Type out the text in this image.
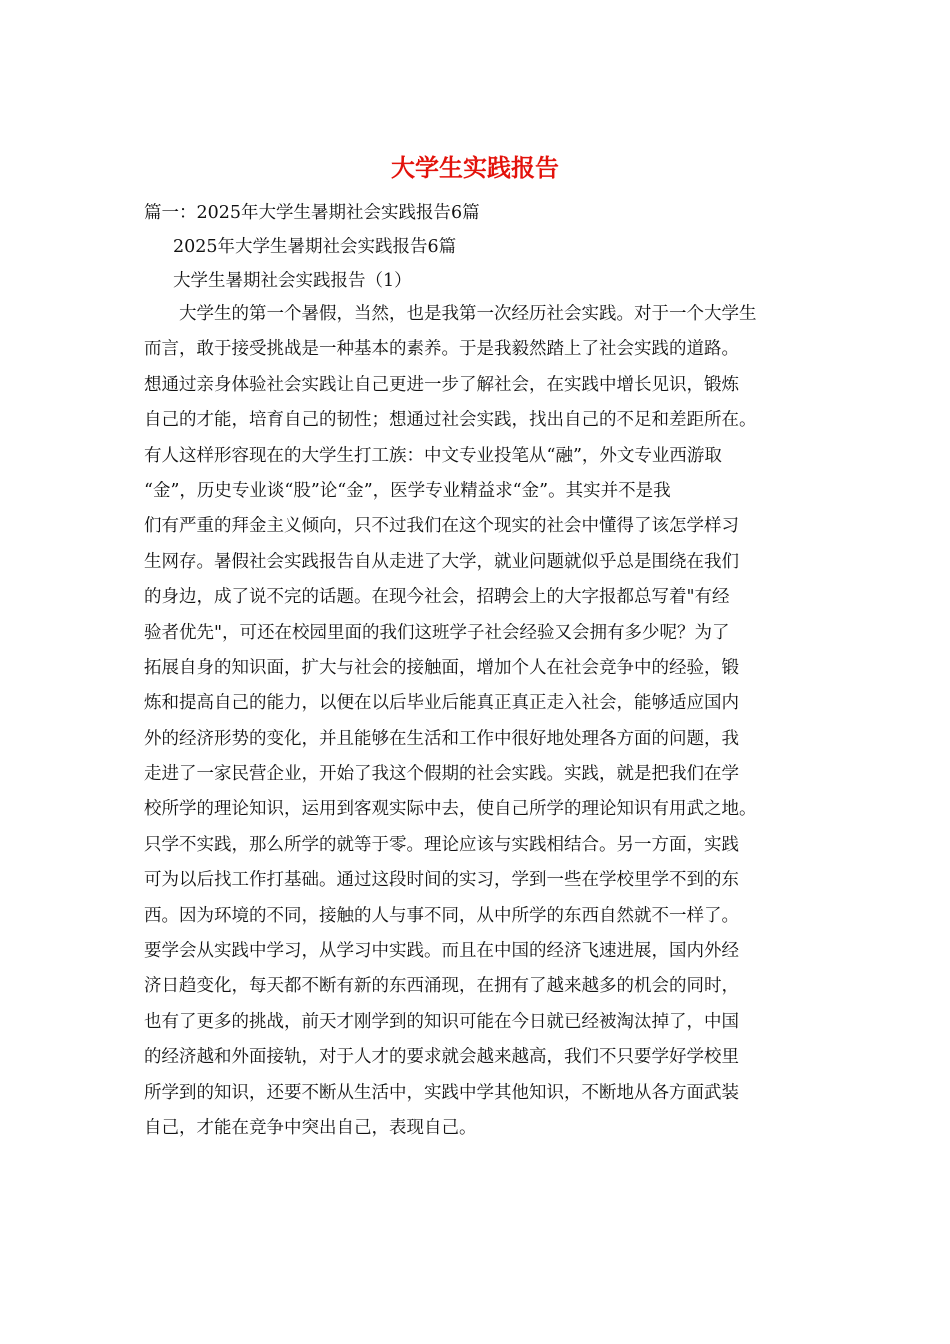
大学生实践报告

篇一：2025年大学生暑期社会实践报告6篇

2025年大学生暑期社会实践报告6篇

大学生暑期社会实践报告（1）

　　大学生的第一个暑假，当然，也是我第一次经历社会实践。对于一个大学生
而言，敢于接受挑战是一种基本的素养。于是我毅然踏上了社会实践的道路。
想通过亲身体验社会实践让自己更进一步了解社会，在实践中增长见识，锻炼
自己的才能，培育自己的韧性；想通过社会实践，找出自己的不足和差距所在。
有人这样形容现在的大学生打工族：中文专业投笔从“融”，外文专业西游取
“金”，历史专业谈“股”论“金”，医学专业精益求“金”。其实并不是我
们有严重的拜金主义倾向，只不过我们在这个现实的社会中懂得了该怎学样习
生网存。暑假社会实践报告自从走进了大学，就业问题就似乎总是围绕在我们
的身边，成了说不完的话题。在现今社会，招聘会上的大字报都总写着"有经
验者优先"，可还在校园里面的我们这班学子社会经验又会拥有多少呢？为了
拓展自身的知识面，扩大与社会的接触面，增加个人在社会竞争中的经验，锻
炼和提高自己的能力，以便在以后毕业后能真正真正走入社会，能够适应国内
外的经济形势的变化，并且能够在生活和工作中很好地处理各方面的问题，我
走进了一家民营企业，开始了我这个假期的社会实践。实践，就是把我们在学
校所学的理论知识，运用到客观实际中去，使自己所学的理论知识有用武之地。
只学不实践，那么所学的就等于零。理论应该与实践相结合。另一方面，实践
可为以后找工作打基础。通过这段时间的实习，学到一些在学校里学不到的东
西。因为环境的不同，接触的人与事不同，从中所学的东西自然就不一样了。
要学会从实践中学习，从学习中实践。而且在中国的经济飞速进展，国内外经
济日趋变化，每天都不断有新的东西涌现，在拥有了越来越多的机会的同时，
也有了更多的挑战，前天才刚学到的知识可能在今日就已经被淘汰掉了，中国
的经济越和外面接轨，对于人才的要求就会越来越高，我们不只要学好学校里
所学到的知识，还要不断从生活中，实践中学其他知识，不断地从各方面武装
自己，才能在竞争中突出自己，表现自己。
